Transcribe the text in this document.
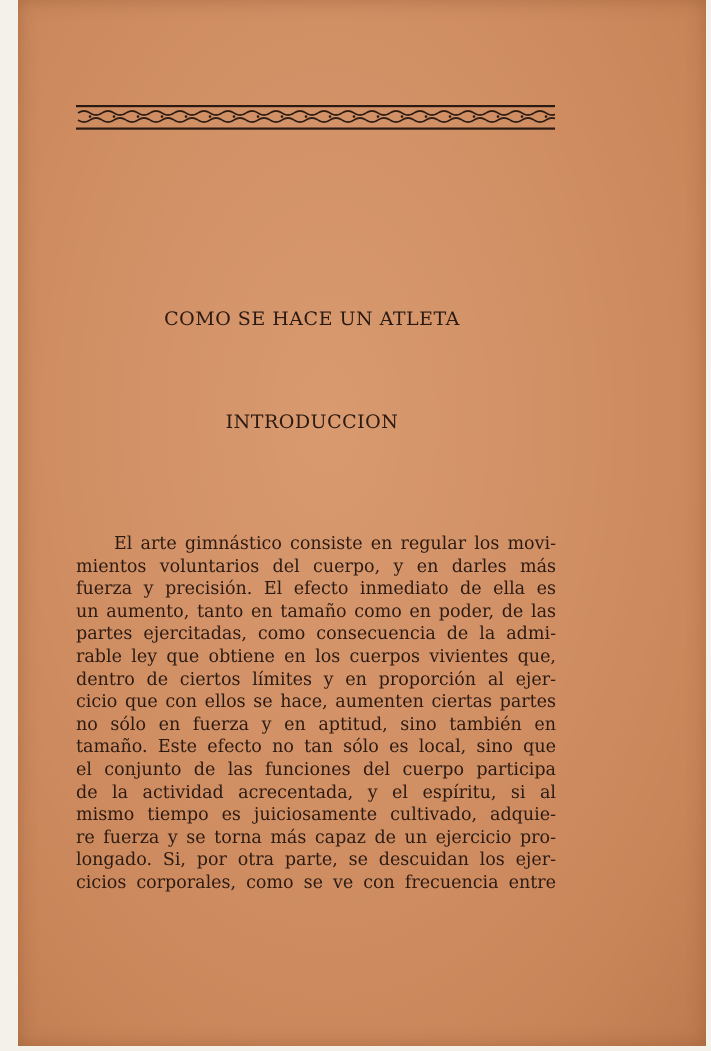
COMO SE HACE UN ATLETA
INTRODUCCION
El arte gimnástico consiste en regular los movi-
mientos voluntarios del cuerpo, y en darles más
fuerza y precisión. El efecto inmediato de ella es
un aumento, tanto en tamaño como en poder, de las
partes ejercitadas, como consecuencia de la admi-
rable ley que obtiene en los cuerpos vivientes que,
dentro de ciertos límites y en proporción al ejer-
cicio que con ellos se hace, aumenten ciertas partes
no sólo en fuerza y en aptitud, sino también en
tamaño. Este efecto no tan sólo es local, sino que
el conjunto de las funciones del cuerpo participa
de la actividad acrecentada, y el espíritu, si al
mismo tiempo es juiciosamente cultivado, adquie-
re fuerza y se torna más capaz de un ejercicio pro-
longado. Si, por otra parte, se descuidan los ejer-
cicios corporales, como se ve con frecuencia entre
